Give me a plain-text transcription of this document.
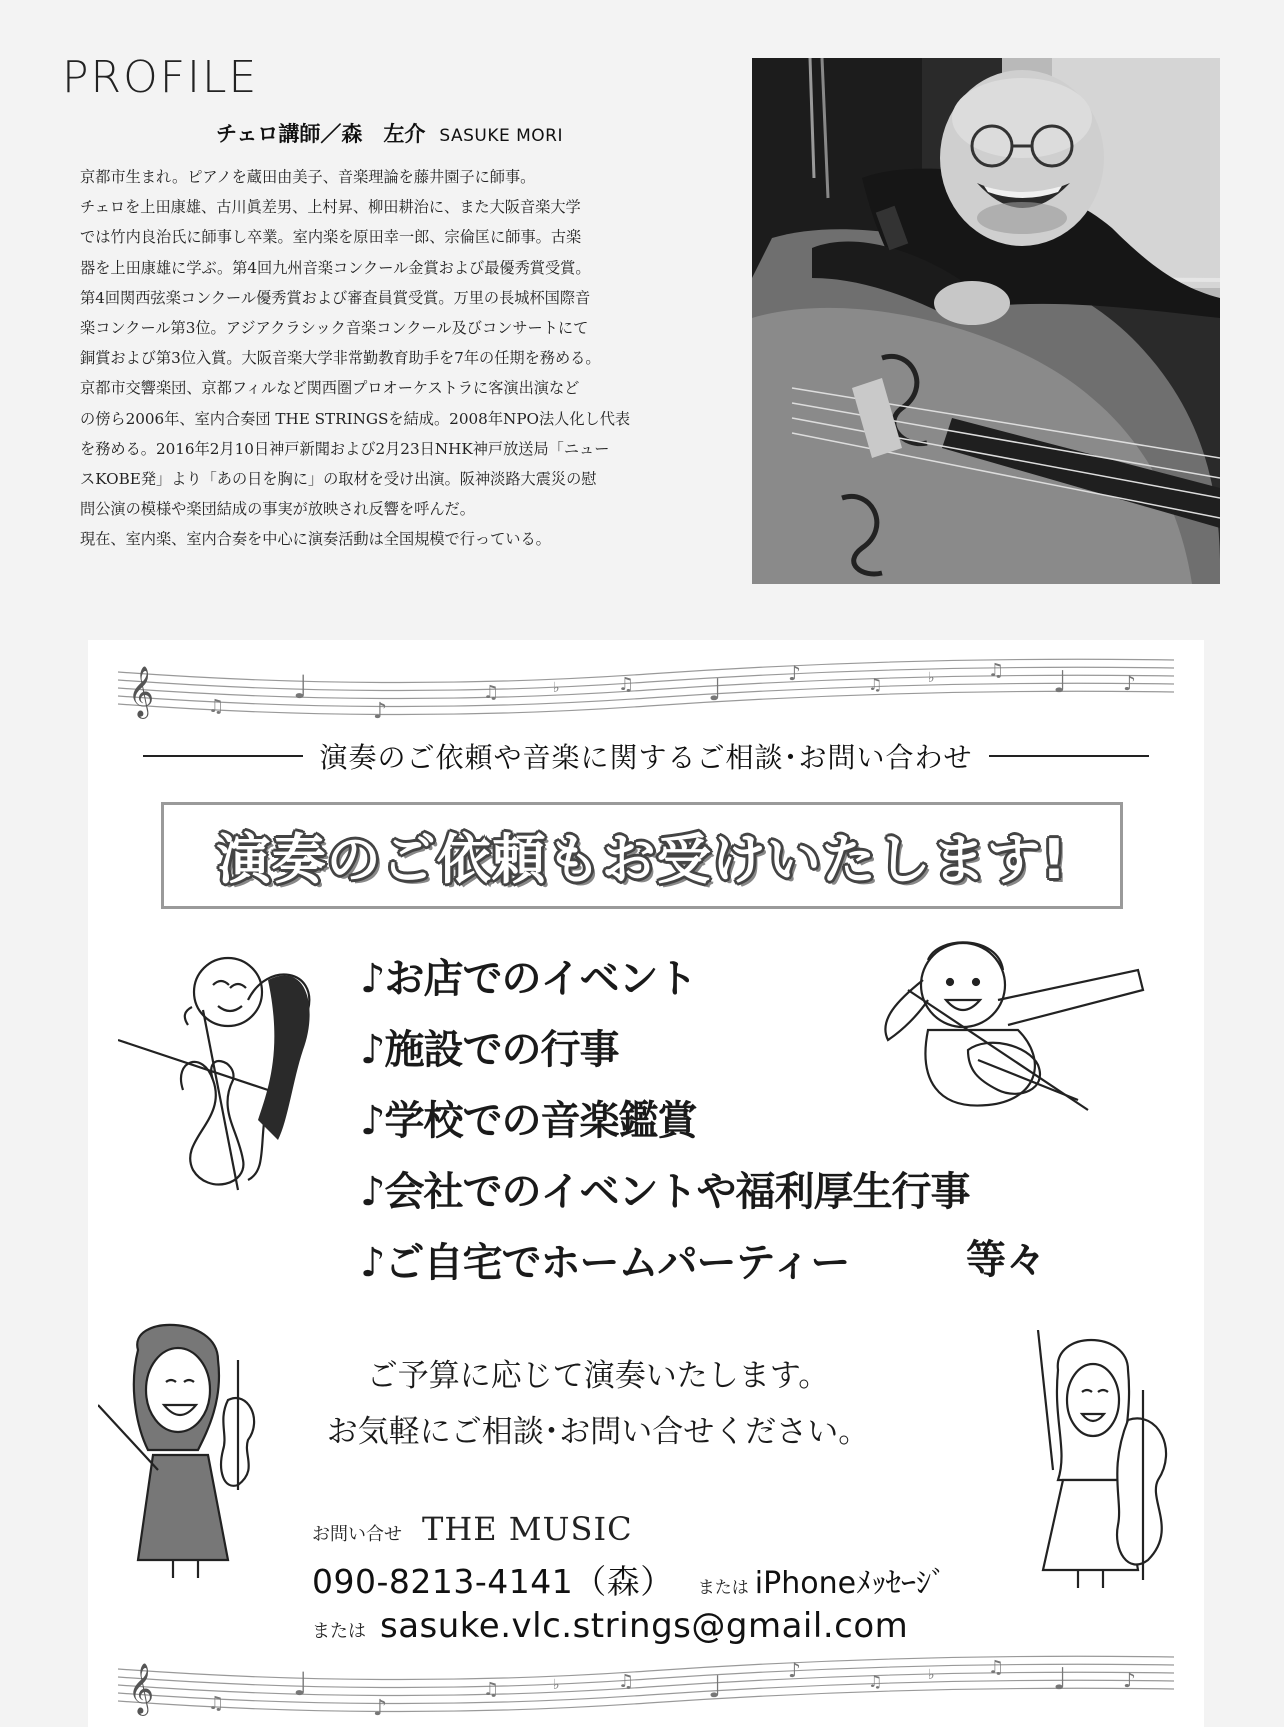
PROFILE
チェロ講師／森　左介 SASUKE MORI

京都市生まれ。ピアノを蔵田由美子、音楽理論を藤井園子に師事。

チェロを上田康雄、古川眞差男、上村昇、柳田耕治に、また大阪音楽大学

では竹内良治氏に師事し卒業。室内楽を原田幸一郎、宗倫匡に師事。古楽

器を上田康雄に学ぶ。第4回九州音楽コンクール金賞および最優秀賞受賞。

第4回関西弦楽コンクール優秀賞および審査員賞受賞。万里の長城杯国際音

楽コンクール第3位。アジアクラシック音楽コンクール及びコンサートにて

銅賞および第3位入賞。大阪音楽大学非常勤教育助手を7年の任期を務める。

京都市交響楽団、京都フィルなど関西圏プロオーケストラに客演出演など

の傍ら2006年、室内合奏団 THE STRINGSを結成。2008年NPO法人化し代表

を務める。2016年2月10日神戸新聞および2月23日NHK神戸放送局「ニュー

スKOBE発」より「あの日を胸に」の取材を受け出演。阪神淡路大震災の慰

問公演の模様や楽団結成の事実が放映され反響を呼んだ。

現在、室内楽、室内合奏を中心に演奏活動は全国規模で行っている。

𝄞	♫
♩
♪
♫	♭	♫ ♩	♪	♫	♭	♫ ♩	♪
演奏のご依頼や音楽に関するご相談･お問い合わせ
演奏のご依頼もお受けいたします!
♪お店でのイベント
♪施設での行事
♪学校での音楽鑑賞
♪会社でのイベントや福利厚生行事
♪ご自宅でホームパーティー	等々
ご予算に応じて演奏いたします。
お気軽にご相談･お問い合せください。
お問い合せ THE MUSIC
090-8213-4141（森） または iPhoneﾒｯｾｰｼﾞ
または sasuke.vlc.strings@gmail.com
𝄞	♫
♩
♪
♫	♭	♫ ♩	♪	♫	♭	♫ ♩	♪
